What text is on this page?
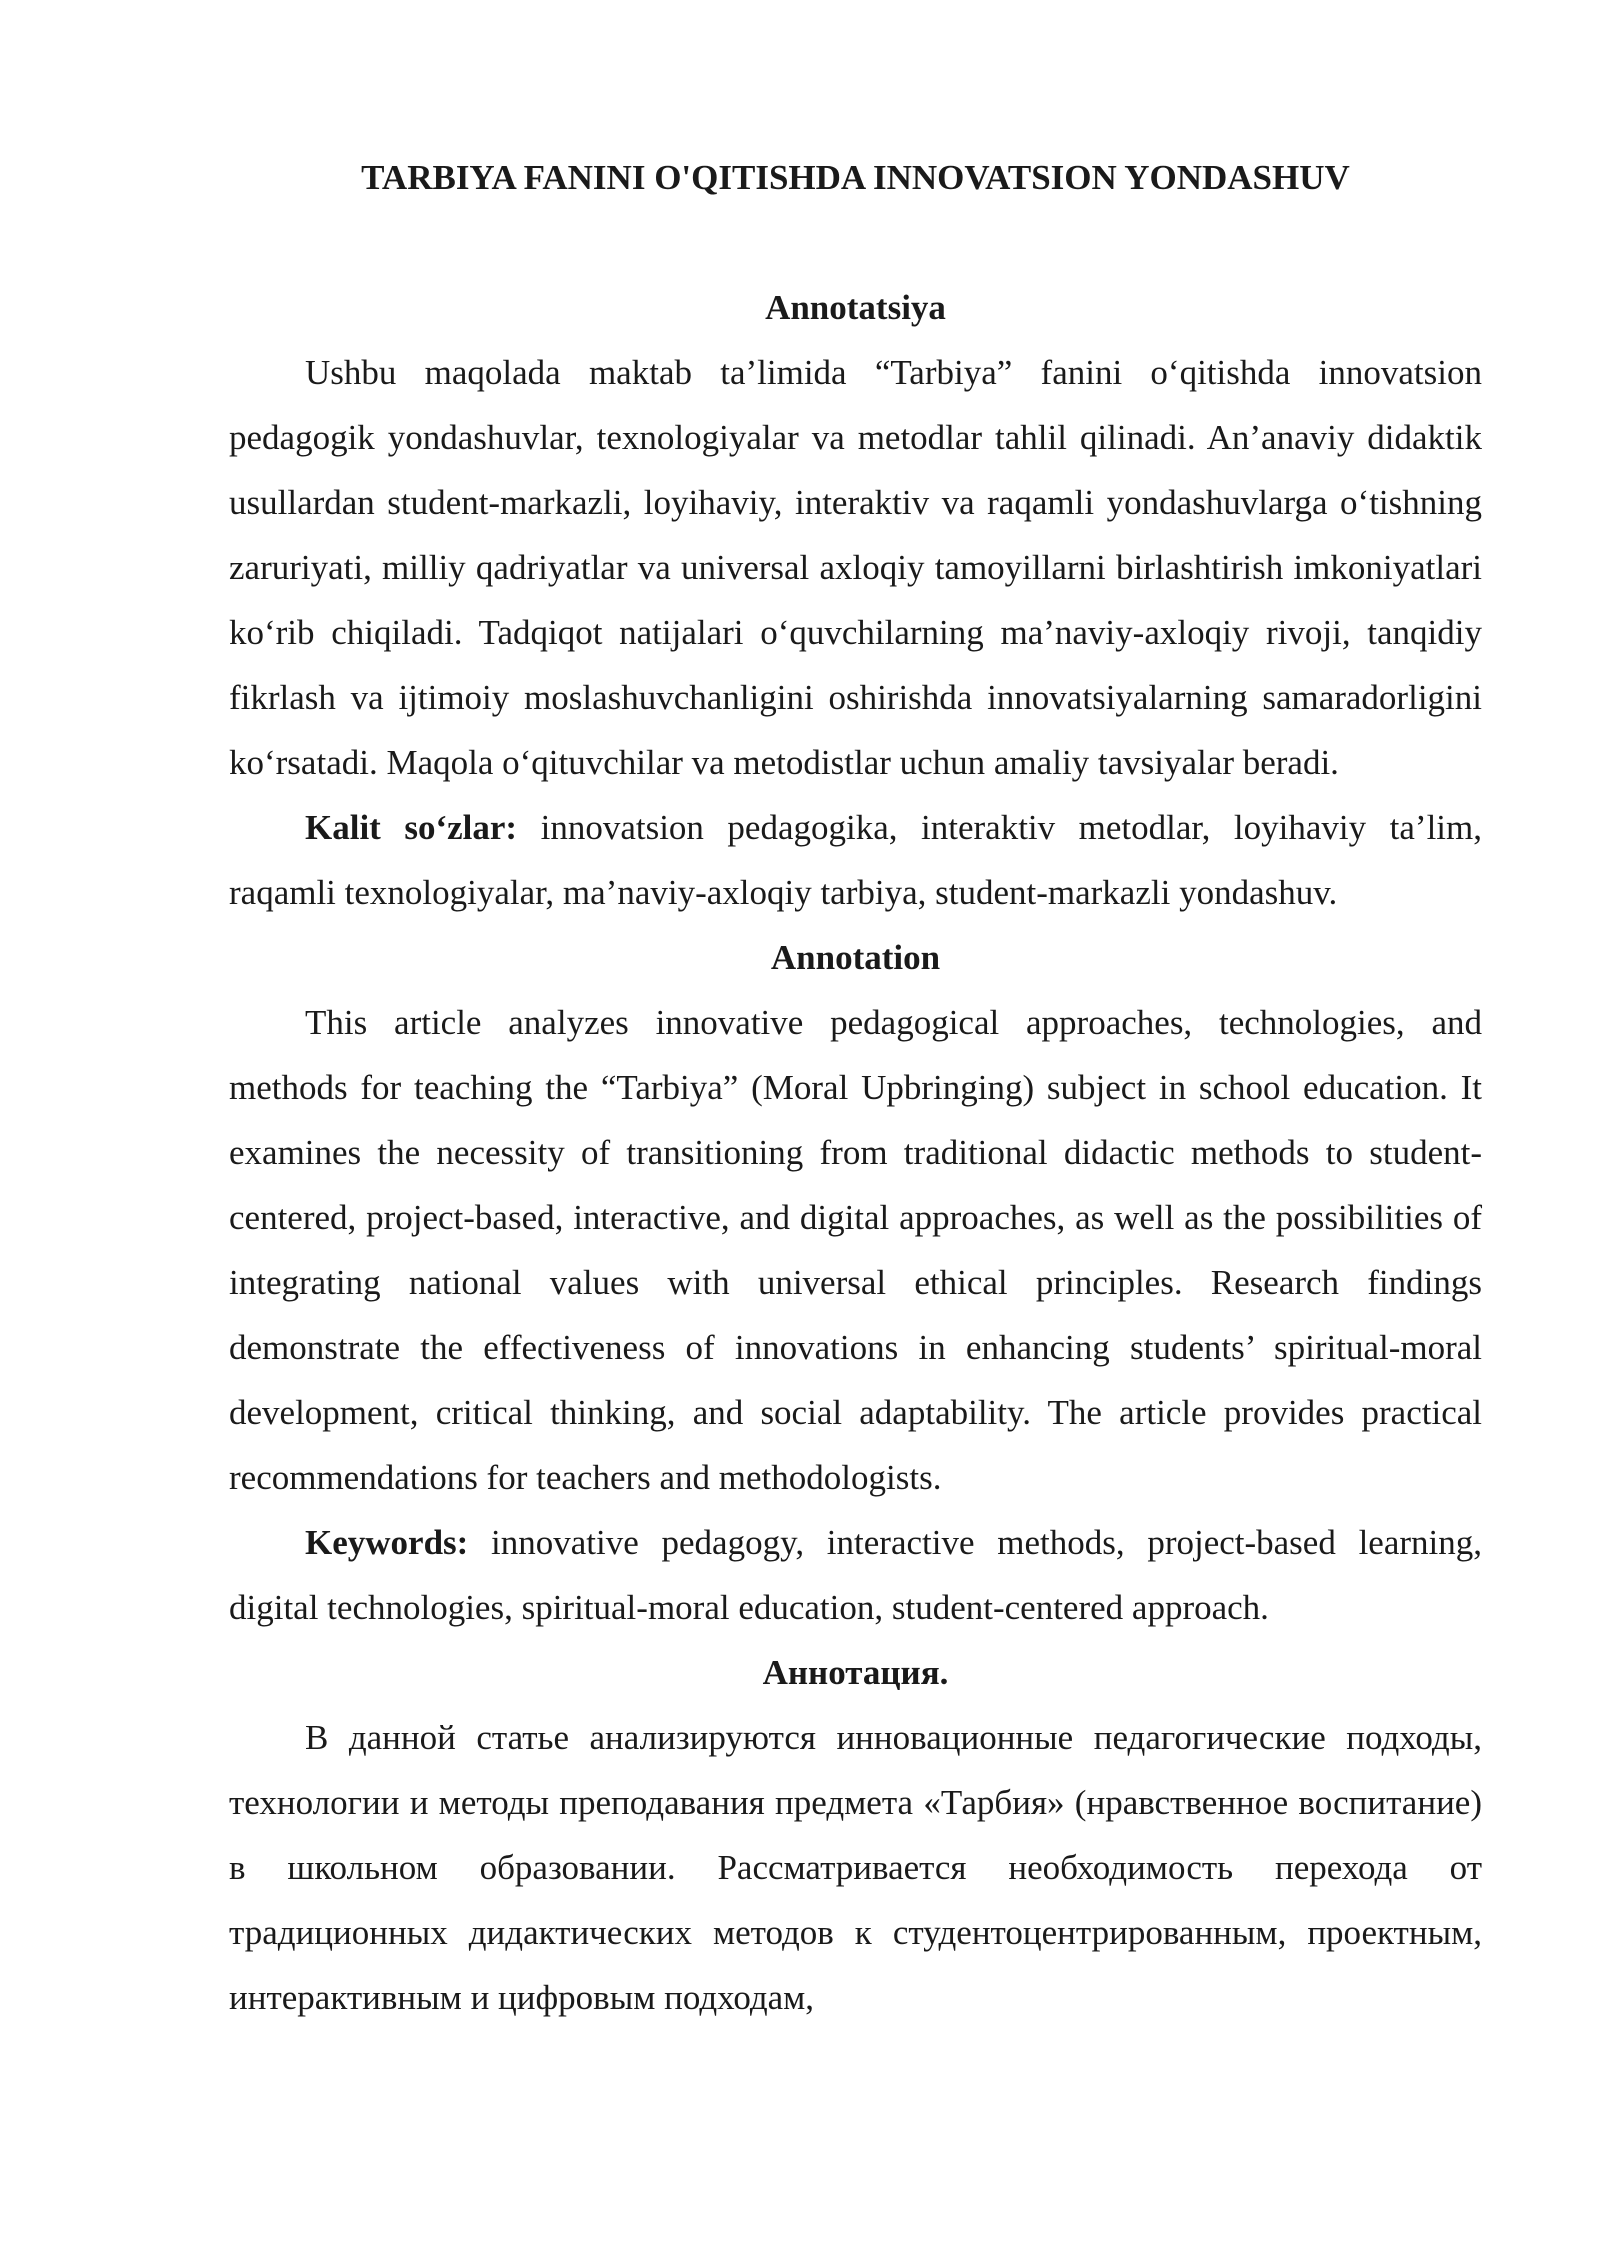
TARBIYA FANINI O'QITISHDA INNOVATSION YONDASHUV
Annotatsiya

Ushbu maqolada maktab ta’limida “Tarbiya” fanini o‘qitishda innovatsion pedagogik yondashuvlar, texnologiyalar va metodlar tahlil qilinadi. An’anaviy didaktik usullardan student-markazli, loyihaviy, interaktiv va raqamli yondashuvlarga o‘tishning zaruriyati, milliy qadriyatlar va universal axloqiy tamoyillarni birlashtirish imkoniyatlari ko‘rib chiqiladi. Tadqiqot natijalari o‘quvchilarning ma’naviy-axloqiy rivoji, tanqidiy fikrlash va ijtimoiy moslashuvchanligini oshirishda innovatsiyalarning samaradorligini ko‘rsatadi. Maqola o‘qituvchilar va metodistlar uchun amaliy tavsiyalar beradi.

Kalit so‘zlar: innovatsion pedagogika, interaktiv metodlar, loyihaviy ta’lim, raqamli texnologiyalar, ma’naviy-axloqiy tarbiya, student-markazli yondashuv.

Annotation

This article analyzes innovative pedagogical approaches, technologies, and methods for teaching the “Tarbiya” (Moral Upbringing) subject in school education. It examines the necessity of transitioning from traditional didactic methods to student-centered, project-based, interactive, and digital approaches, as well as the possibilities of integrating national values with universal ethical principles. Research findings demonstrate the effectiveness of innovations in enhancing students’ spiritual-moral development, critical thinking, and social adaptability. The article provides practical recommendations for teachers and methodologists.

Keywords: innovative pedagogy, interactive methods, project-based learning, digital technologies, spiritual-moral education, student-centered approach.

Аннотация.

В данной статье анализируются инновационные педагогические подходы, технологии и методы преподавания предмета «Тарбия» (нравственное воспитание) в школьном образовании. Рассматривается необходимость перехода от традиционных дидактических методов к студентоцентрированным, проектным, интерактивным и цифровым подходам,
